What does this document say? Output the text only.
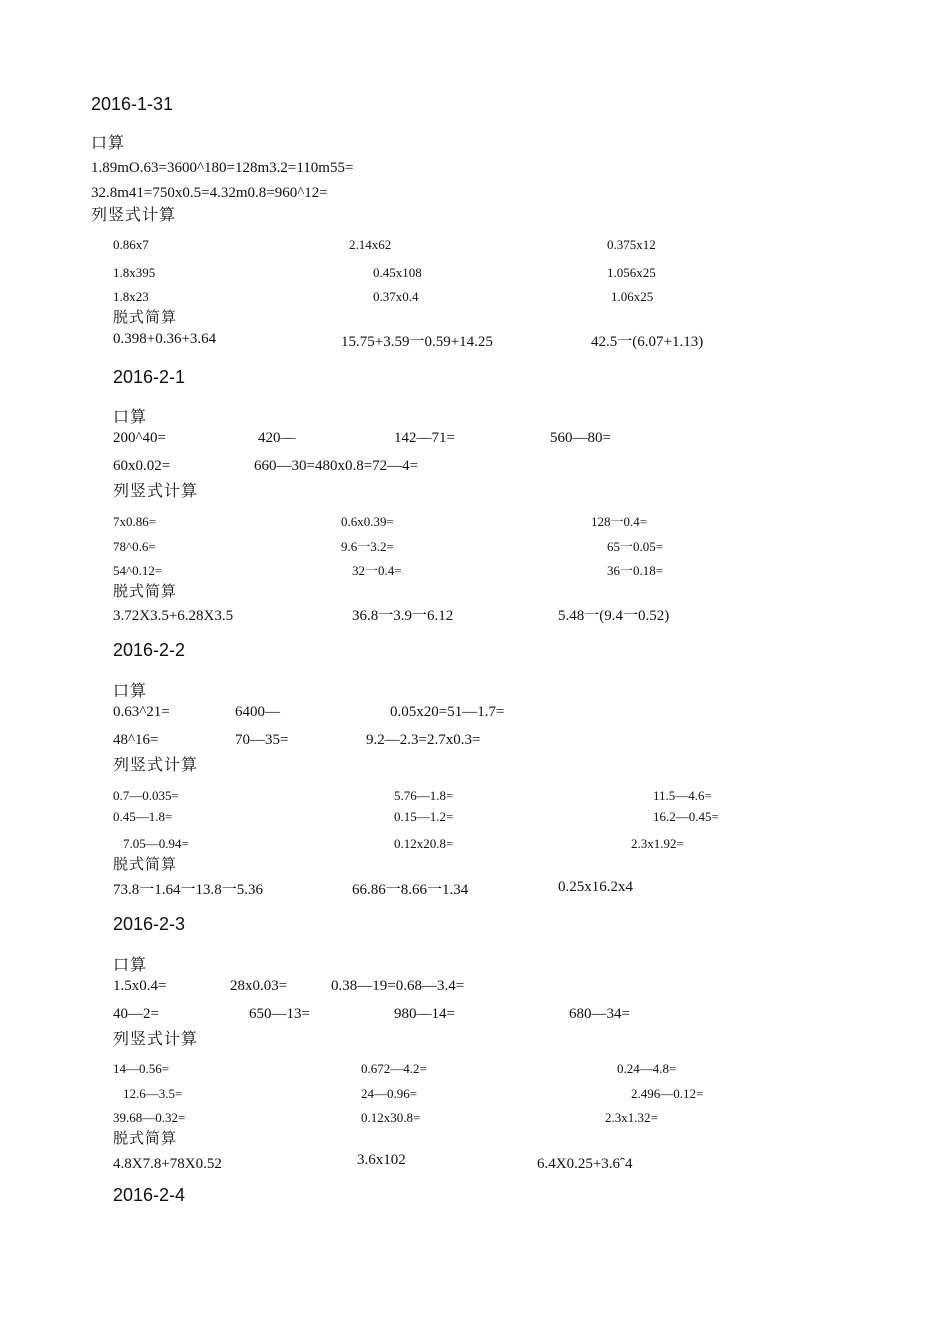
2016-1-31
口算
1.89mO.63=3600^180=128m3.2=110m55=
32.8m41=750x0.5=4.32m0.8=960^12=
列竖式计算
0.86x7	2.14x62	0.375x12
1.8x395	0.45x108	1.056x25
1.8x23	0.37x0.4	1.06x25
脱式简算
0.398+0.36+3.64	15.75+3.59一0.59+14.25	42.5一(6.07+1.13)
2016-2-1
口算
200^40=	420—	142—71=	560—80=
60x0.02=	660—30=480x0.8=72—4=
列竖式计算
7x0.86=	0.6x0.39=	128一0.4=
78^0.6=	9.6一3.2=	65一0.05=
54^0.12=	32一0.4=	36一0.18=
脱式简算
3.72X3.5+6.28X3.5	36.8一3.9一6.12	5.48一(9.4一0.52)
2016-2-2
口算
0.63^21=	6400—	0.05x20=51—1.7=
48^16=	70—35=	9.2—2.3=2.7x0.3=
列竖式计算
0.7—0.035=	5.76—1.8=	11.5—4.6=
0.45—1.8=	0.15—1.2=	16.2—0.45=
7.05—0.94=	0.12x20.8=	2.3x1.92=
脱式简算
73.8一1.64一13.8一5.36	66.86一8.66一1.34	0.25x16.2x4
2016-2-3
口算
1.5x0.4=	28x0.03=	0.38—19=0.68—3.4=
40—2=	650—13=	980—14=	680—34=
列竖式计算
14—0.56=	0.672—4.2=	0.24—4.8=
12.6—3.5=	24—0.96=	2.496—0.12=
39.68—0.32=	0.12x30.8=	2.3x1.32=
脱式简算
4.8X7.8+78X0.52	3.6x102	6.4X0.25+3.6ˆ4
2016-2-4
